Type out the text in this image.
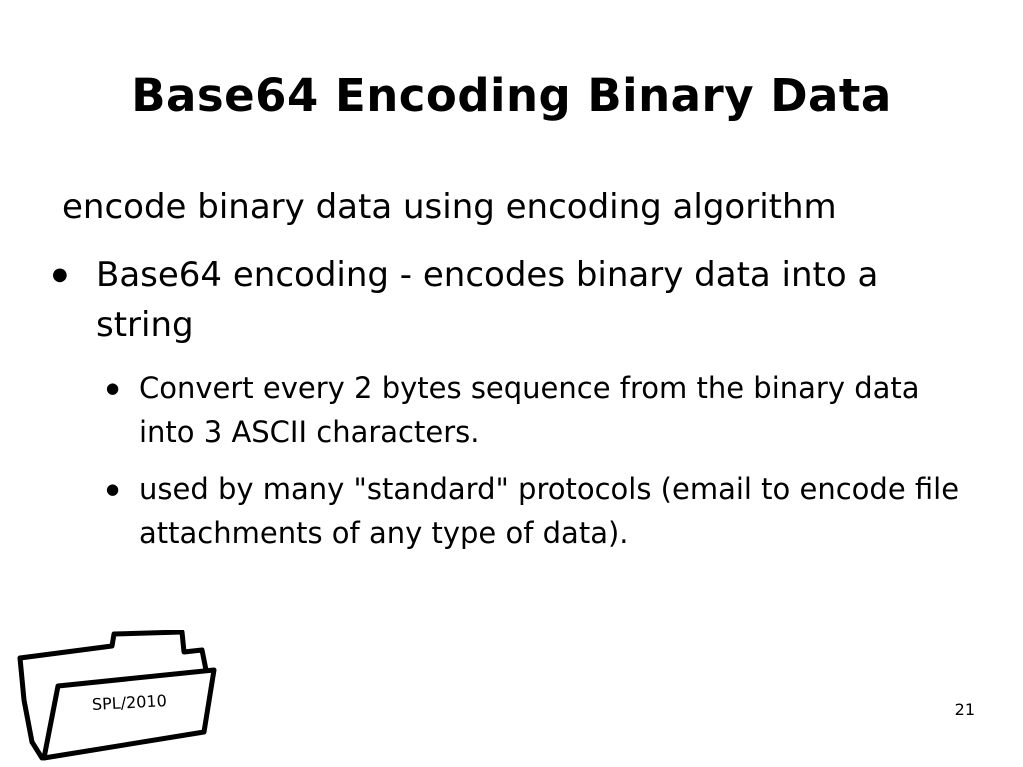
Base64 Encoding Binary Data

encode binary data using encoding algorithm

● Base64 encoding - encodes binary data into a string
● Convert every 2 bytes sequence from the binary data into 3 ASCII characters.
● used by many "standard" protocols (email to encode file attachments of any type of data).
SPL/2010	21
